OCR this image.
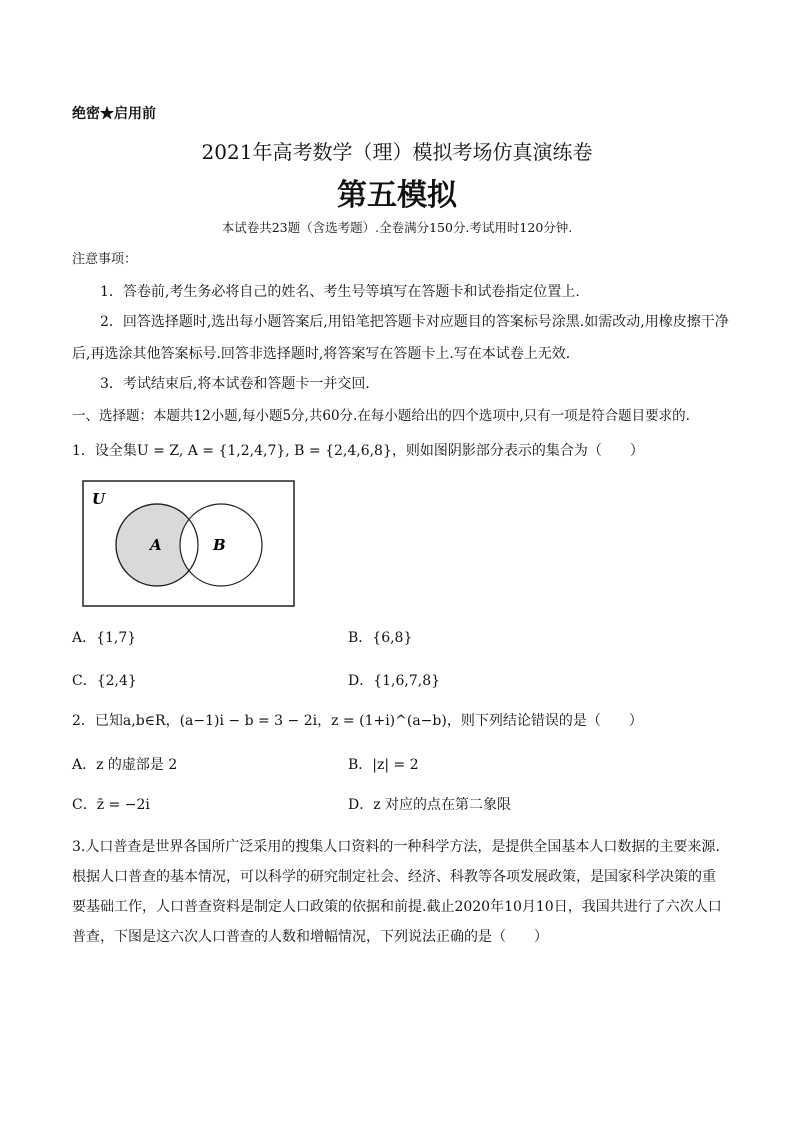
绝密★启用前
2021年高考数学（理）模拟考场仿真演练卷
第五模拟
本试卷共23题（含选考题）.全卷满分150分.考试用时120分钟.
注意事项：
1．答卷前,考生务必将自己的姓名、考生号等填写在答题卡和试卷指定位置上.
2．回答选择题时,选出每小题答案后,用铅笔把答题卡对应题目的答案标号涂黑.如需改动,用橡皮擦干净
后,再选涂其他答案标号.回答非选择题时,将答案写在答题卡上.写在本试卷上无效.
3．考试结束后,将本试卷和答题卡一并交回.
一、选择题：本题共12小题,每小题5分,共60分.在每小题给出的四个选项中,只有一项是符合题目要求的.
1．设全集U = Z, A = {1,2,4,7}, B = {2,4,6,8}，则如图阴影部分表示的集合为（　　）
U
A	B
A．{1,7}	B．{6,8}
C．{2,4}	D．{1,6,7,8}
2．已知a,b∈R，(a−1)i − b = 3 − 2i，z = (1+i)^(a−b)，则下列结论错误的是（　　）
A．z 的虚部是 2	B．|z| = 2
C．z̄ = −2i	D．z 对应的点在第二象限
3.人口普查是世界各国所广泛采用的搜集人口资料的一种科学方法，是提供全国基本人口数据的主要来源.
根据人口普查的基本情况，可以科学的研究制定社会、经济、科教等各项发展政策，是国家科学决策的重
要基础工作，人口普查资料是制定人口政策的依据和前提.截止2020年10月10日，我国共进行了六次人口
普查，下图是这六次人口普查的人数和增幅情况，下列说法正确的是（　　）
